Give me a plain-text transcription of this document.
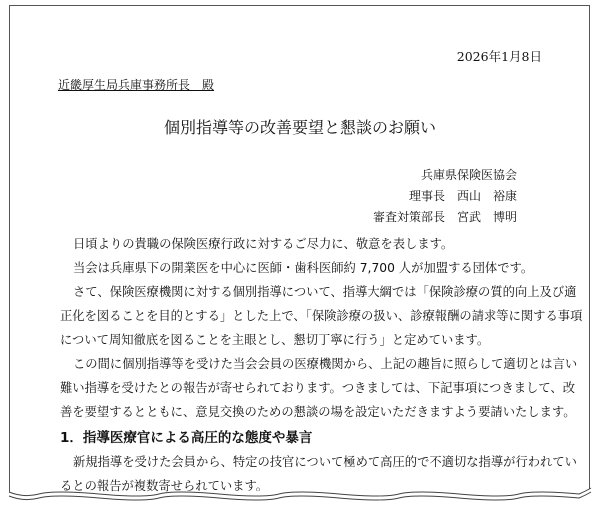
2026年1月8日
近畿厚生局兵庫事務所長　殿
個別指導等の改善要望と懇談のお願い
兵庫県保険医協会
理事長　西山　裕康
審査対策部長　宮武　博明
日頃よりの貴職の保険医療行政に対するご尽力に、敬意を表します。
当会は兵庫県下の開業医を中心に医師・歯科医師約 7,700 人が加盟する団体です。
さて、保険医療機関に対する個別指導について、指導大綱では「保険診療の質的向上及び適
正化を図ることを目的とする」とした上で、「保険診療の扱い、診療報酬の請求等に関する事項
について周知徹底を図ることを主眼とし、懇切丁寧に行う」と定めています。
この間に個別指導等を受けた当会会員の医療機関から、上記の趣旨に照らして適切とは言い
難い指導を受けたとの報告が寄せられております。つきましては、下記事項につきまして、改
善を要望するとともに、意見交換のための懇談の場を設定いただきますよう要請いたします。
1．指導医療官による高圧的な態度や暴言
新規指導を受けた会員から、特定の技官について極めて高圧的で不適切な指導が行われてい
るとの報告が複数寄せられています。
